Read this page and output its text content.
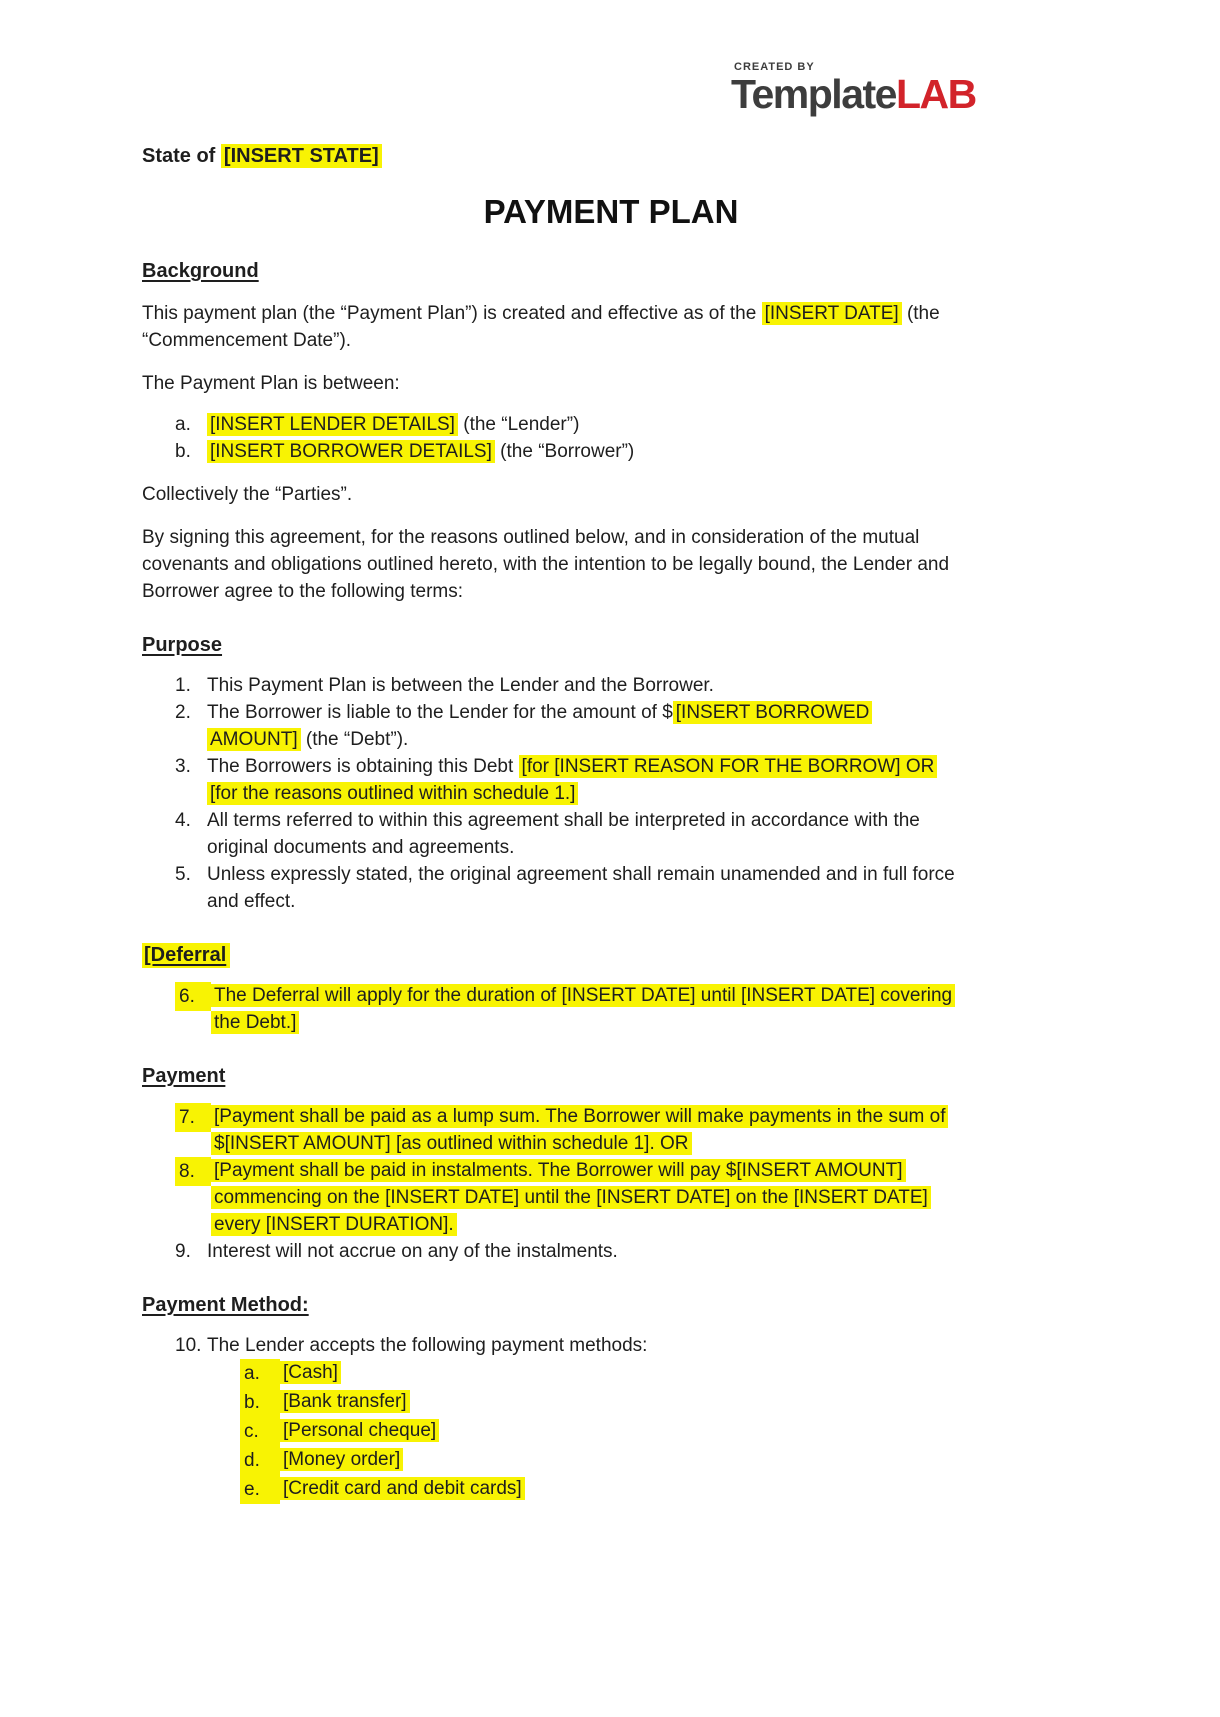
CREATED BY
TemplateLAB

State of [INSERT STATE]

PAYMENT PLAN
Background

This payment plan (the “Payment Plan”) is created and effective as of the [INSERT DATE] (the “Commencement Date”).

The Payment Plan is between:

a.	[INSERT LENDER DETAILS] (the “Lender”)
b.	[INSERT BORROWER DETAILS] (the “Borrower”)

Collectively the “Parties”.

By signing this agreement, for the reasons outlined below, and in consideration of the mutual covenants and obligations outlined hereto, with the intention to be legally bound, the Lender and Borrower agree to the following terms:

Purpose
1. This Payment Plan is between the Lender and the Borrower.
2. The Borrower is liable to the Lender for the amount of $ [INSERT BORROWED AMOUNT] (the “Debt”).
3. The Borrowers is obtaining this Debt [for [INSERT REASON FOR THE BORROW] OR [for the reasons outlined within schedule 1.]
4. All terms referred to within this agreement shall be interpreted in accordance with the original documents and agreements.
5. Unless expressly stated, the original agreement shall remain unamended and in full force and effect.
[Deferral
6.	The Deferral will apply for the duration of [INSERT DATE] until [INSERT DATE] covering the Debt.]
Payment
7.	[Payment shall be paid as a lump sum. The Borrower will make payments in the sum of $[INSERT AMOUNT] [as outlined within schedule 1]. OR
8.	[Payment shall be paid in instalments. The Borrower will pay $[INSERT AMOUNT] commencing on the [INSERT DATE] until the [INSERT DATE] on the [INSERT DATE] every [INSERT DURATION].
9. Interest will not accrue on any of the instalments.
Payment Method:
10. The Lender accepts the following payment methods:
a.	[Cash]
b.	[Bank transfer]
c.	[Personal cheque]
d.	[Money order]
e.	[Credit card and debit cards]
